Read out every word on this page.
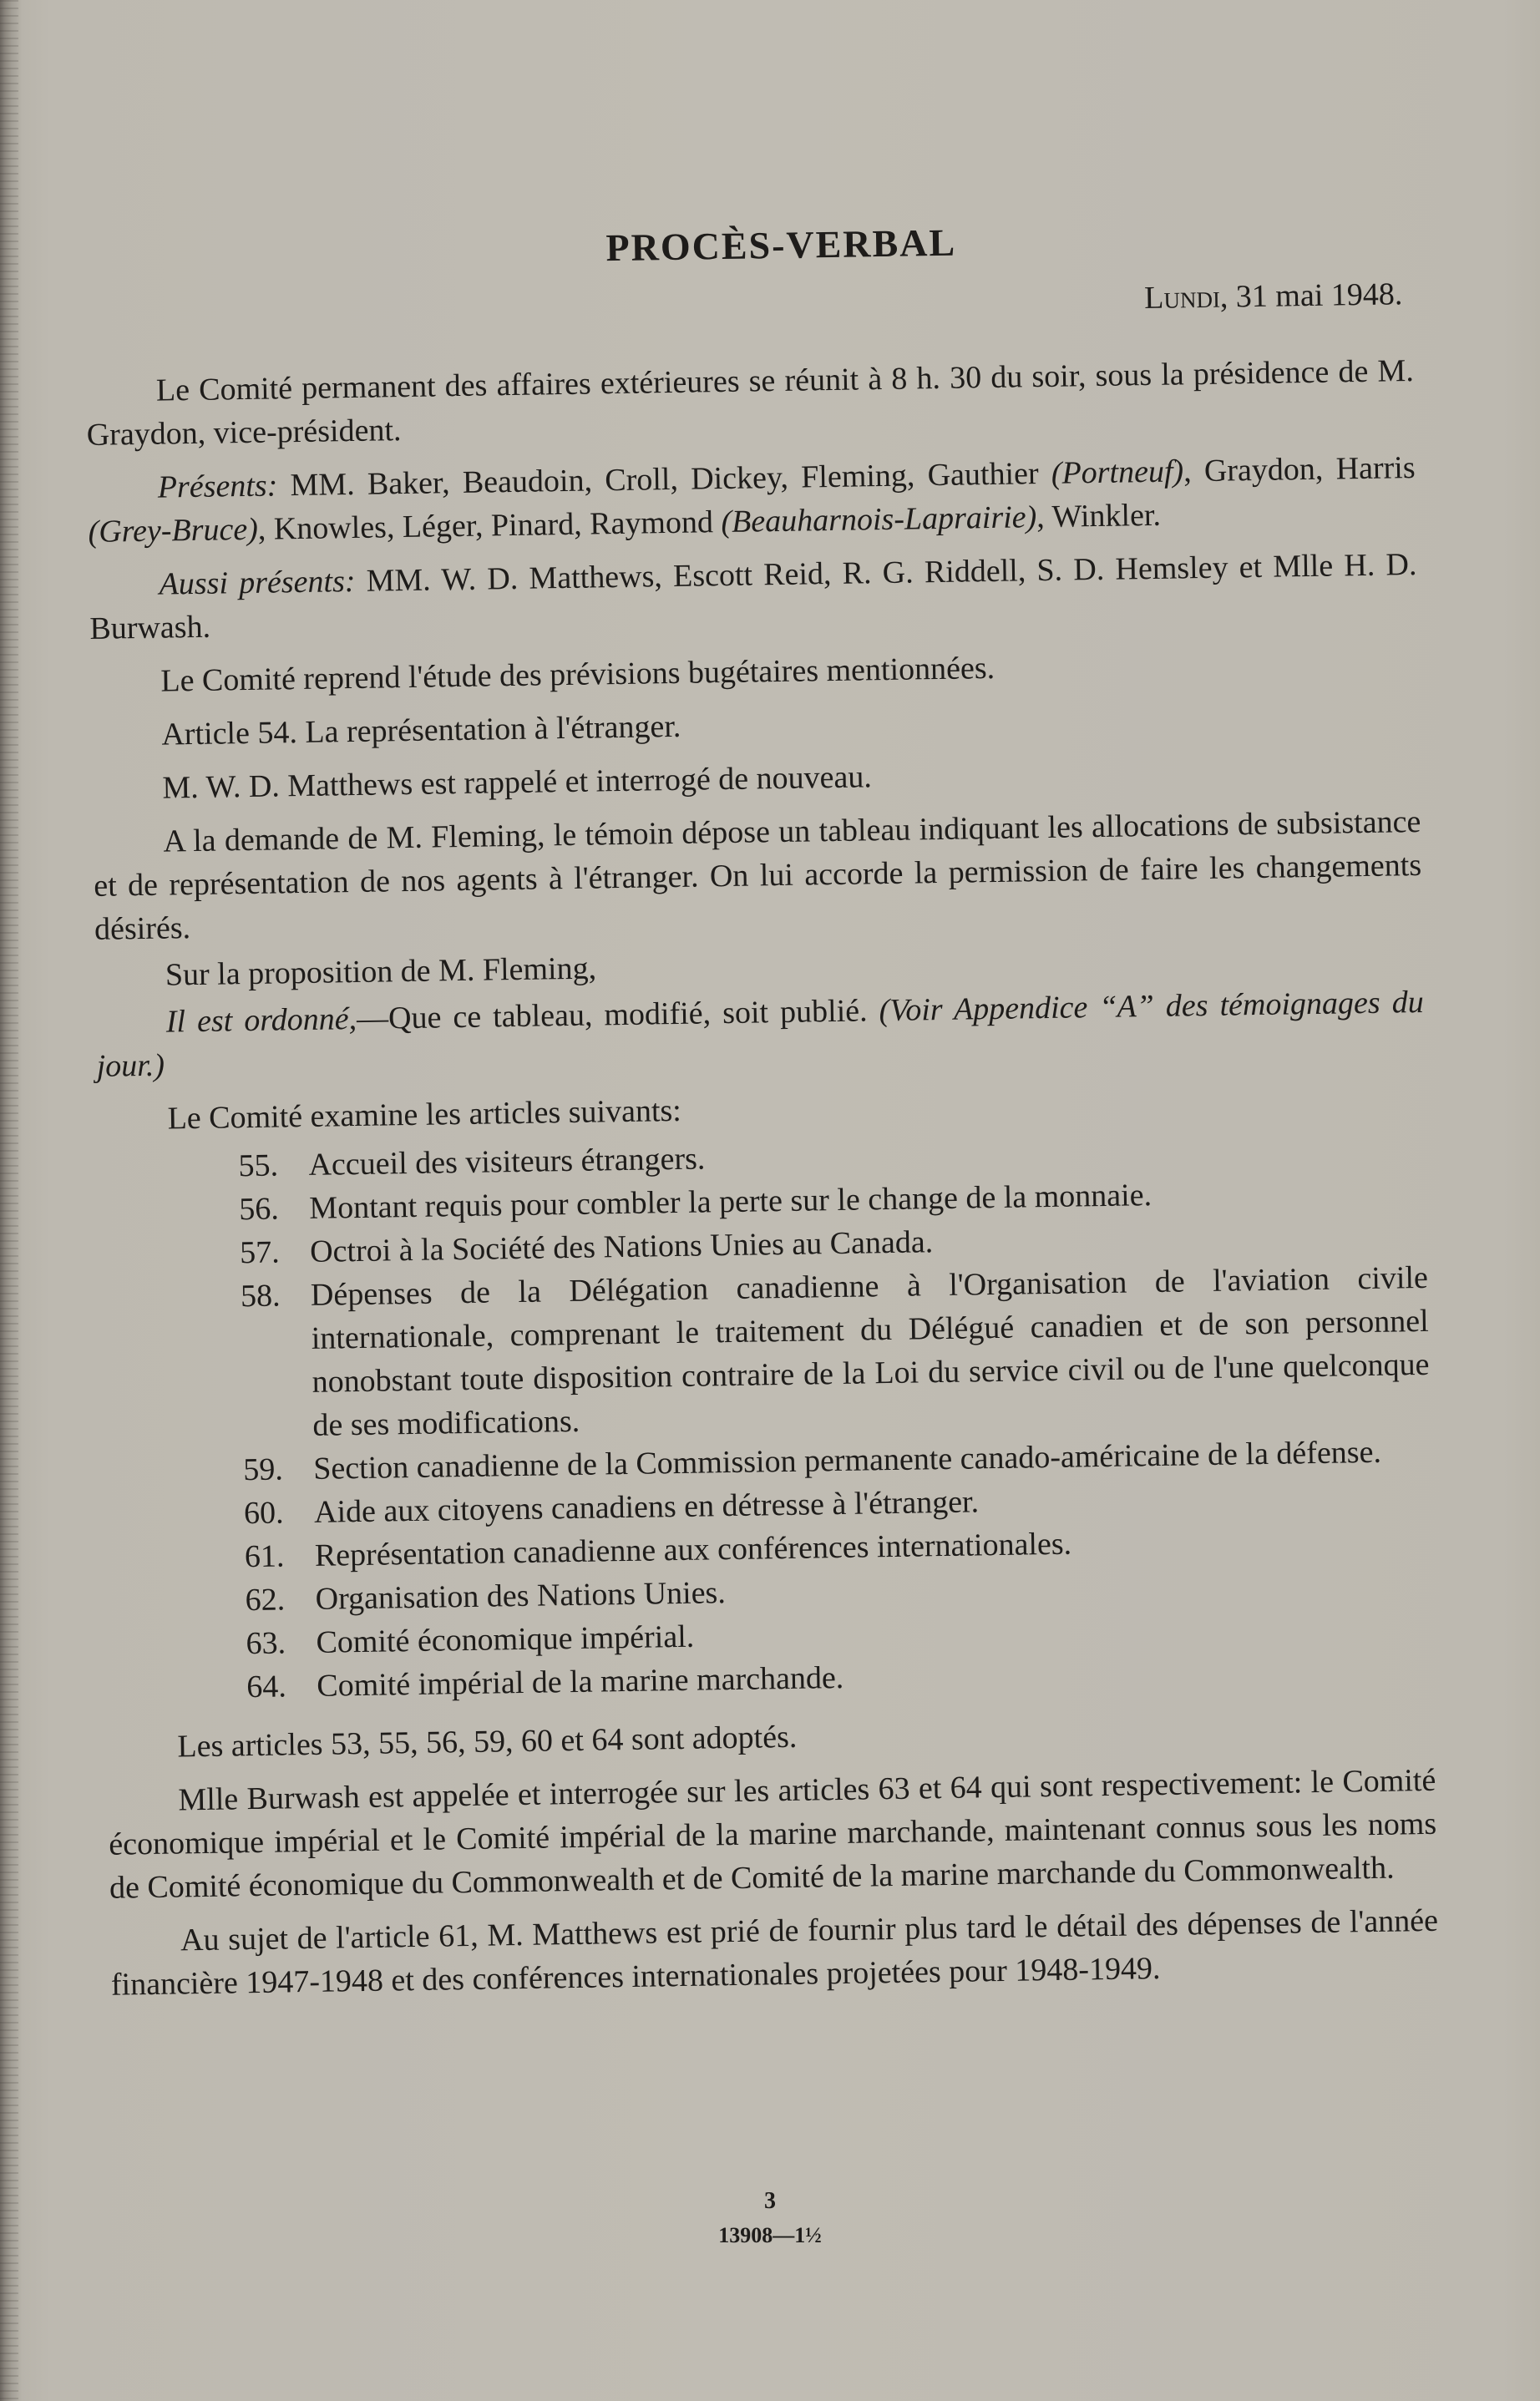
PROCÈS-VERBAL
Lundi, 31 mai 1948.

Le Comité permanent des affaires extérieures se réunit à 8 h. 30 du soir, sous la présidence de M. Graydon, vice-président.

Présents: MM. Baker, Beaudoin, Croll, Dickey, Fleming, Gauthier (Portneuf), Graydon, Harris (Grey-Bruce), Knowles, Léger, Pinard, Raymond (Beauharnois-Laprairie), Winkler.

Aussi présents: MM. W. D. Matthews, Escott Reid, R. G. Riddell, S. D. Hemsley et Mlle H. D. Burwash.

Le Comité reprend l'étude des prévisions bugétaires mentionnées.

Article 54. La représentation à l'étranger.

M. W. D. Matthews est rappelé et interrogé de nouveau.

A la demande de M. Fleming, le témoin dépose un tableau indiquant les allocations de subsistance et de représentation de nos agents à l'étranger. On lui accorde la permission de faire les changements désirés.

Sur la proposition de M. Fleming,

Il est ordonné,—Que ce tableau, modifié, soit publié. (Voir Appendice “A” des témoignages du jour.)

Le Comité examine les articles suivants:

55. Accueil des visiteurs étrangers.
56. Montant requis pour combler la perte sur le change de la monnaie.
57. Octroi à la Société des Nations Unies au Canada.
58. Dépenses de la Délégation canadienne à l'Organisation de l'aviation civile internationale, comprenant le traitement du Délégué canadien et de son personnel nonobstant toute disposition contraire de la Loi du service civil ou de l'une quelconque de ses modifications.
59. Section canadienne de la Commission permanente canado-américaine de la défense.
60. Aide aux citoyens canadiens en détresse à l'étranger.
61. Représentation canadienne aux conférences internationales.
62. Organisation des Nations Unies.
63. Comité économique impérial.
64. Comité impérial de la marine marchande.

Les articles 53, 55, 56, 59, 60 et 64 sont adoptés.

Mlle Burwash est appelée et interrogée sur les articles 63 et 64 qui sont respectivement: le Comité économique impérial et le Comité impérial de la marine marchande, maintenant connus sous les noms de Comité économique du Commonwealth et de Comité de la marine marchande du Commonwealth.

Au sujet de l'article 61, M. Matthews est prié de fournir plus tard le détail des dépenses de l'année financière 1947-1948 et des conférences internationales projetées pour 1948-1949.

3
13908—1½
